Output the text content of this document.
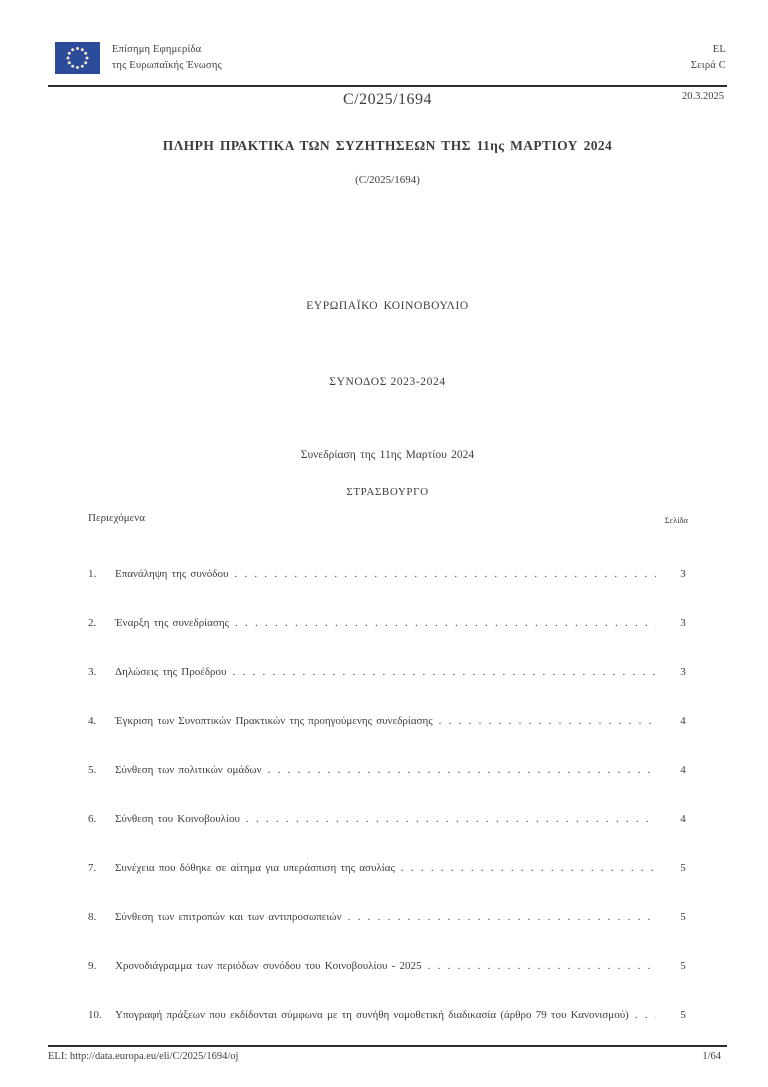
Επίσημη Εφημερίδα
της Ευρωπαϊκής Ένωσης
EL
Σειρά C
C/2025/1694	20.3.2025
ΠΛΗΡΗ ΠΡΑΚΤΙΚΑ ΤΩΝ ΣΥΖΗΤΗΣΕΩΝ ΤΗΣ 11ης ΜΑΡΤΙΟΥ 2024
(C/2025/1694)
ΕΥΡΩΠΑΪΚΟ ΚΟΙΝΟΒΟΥΛΙΟ
ΣΥΝΟΔΟΣ 2023-2024
Συνεδρίαση της 11ης Μαρτίου 2024
ΣΤΡΑΣΒΟΥΡΓΟ
Περιεχόμενα	Σελίδα
1.	Επανάληψη της συνόδου . . .	3
2.	Έναρξη της συνεδρίασης . . .	3
3.	Δηλώσεις της Προέδρου . . .	3
4.	Έγκριση των Συνοπτικών Πρακτικών της προηγούμενης συνεδρίασης . . .	4
5.	Σύνθεση των πολιτικών ομάδων . . .	4
6.	Σύνθεση του Κοινοβουλίου . . .	4
7.	Συνέχεια που δόθηκε σε αίτημα για υπεράσπιση της ασυλίας . . .	5
8.	Σύνθεση των επιτροπών και των αντιπροσωπειών . . .	5
9.	Χρονοδιάγραμμα των περιόδων συνόδου του Κοινοβουλίου - 2025 . . .	5
10.	Υπογραφή πράξεων που εκδίδονται σύμφωνα με τη συνήθη νομοθετική διαδικασία (άρθρο 79 του Κανονισμού) . . .	5
ELI: http://data.europa.eu/eli/C/2025/1694/oj	1/64
